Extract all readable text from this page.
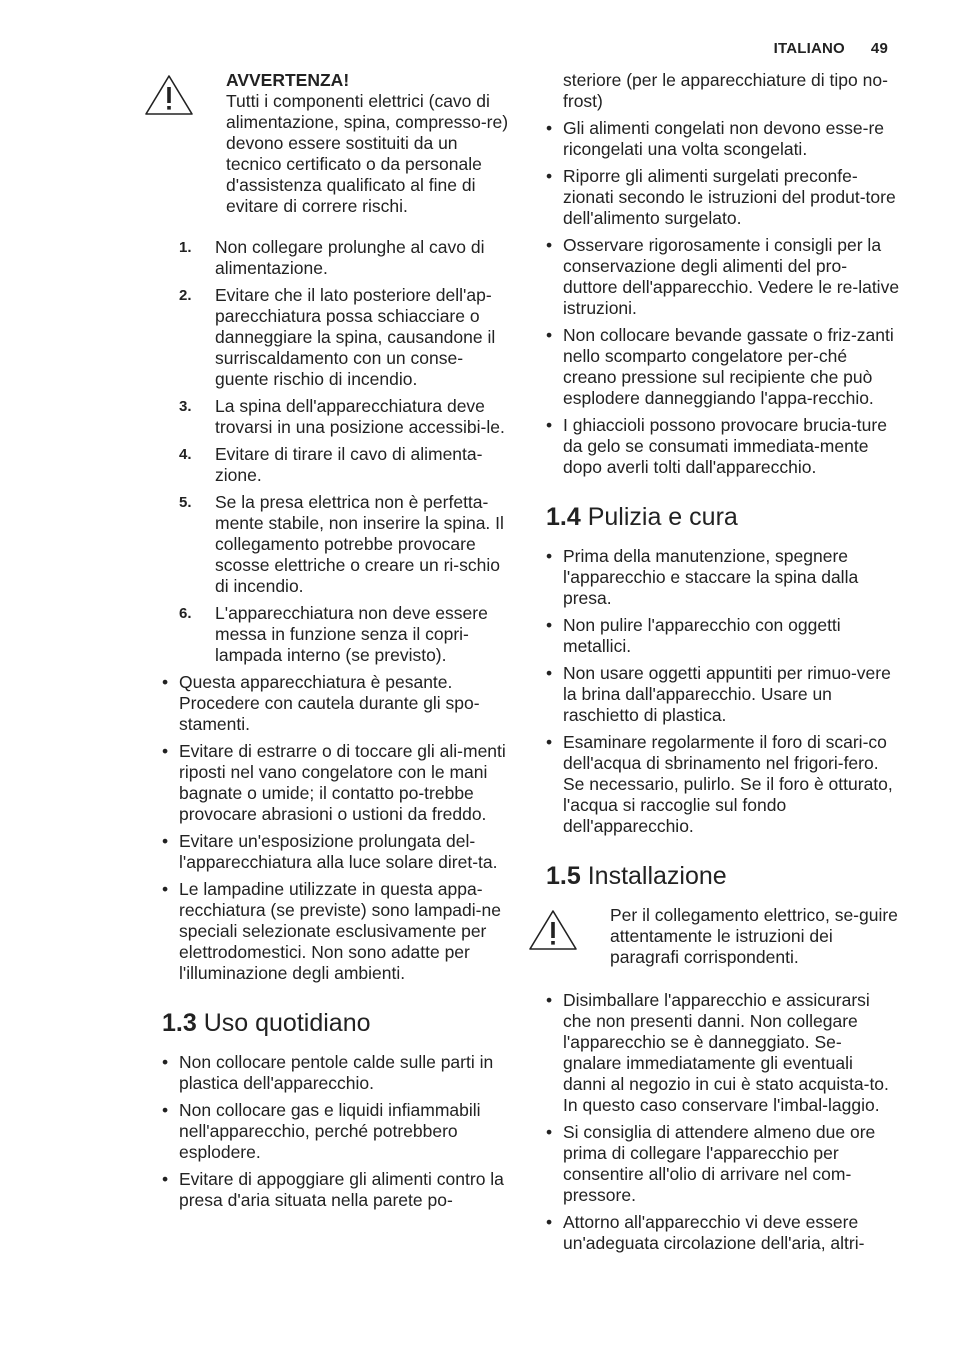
ITALIANO 49

AVVERTENZA!

Tutti i componenti elettrici (cavo di alimentazione, spina, compresso-re) devono essere sostituiti da un tecnico certificato o da personale d'assistenza qualificato al fine di evitare di correre rischi.

1. Non collegare prolunghe al cavo di alimentazione.
2. Evitare che il lato posteriore dell'ap-parecchiatura possa schiacciare o danneggiare la spina, causandone il surriscaldamento con un conse-guente rischio di incendio.
3. La spina dell'apparecchiatura deve trovarsi in una posizione accessibi-le.
4. Evitare di tirare il cavo di alimenta-zione.
5. Se la presa elettrica non è perfetta-mente stabile, non inserire la spina. Il collegamento potrebbe provocare scosse elettriche o creare un ri-schio di incendio.
6. L'apparecchiatura non deve essere messa in funzione senza il copri-lampada interno (se previsto).
• Questa apparecchiatura è pesante. Procedere con cautela durante gli spo-stamenti.
• Evitare di estrarre o di toccare gli ali-menti riposti nel vano congelatore con le mani bagnate o umide; il contatto po-trebbe provocare abrasioni o ustioni da freddo.
• Evitare un'esposizione prolungata del-l'apparecchiatura alla luce solare diret-ta.
• Le lampadine utilizzate in questa appa-recchiatura (se previste) sono lampadi-ne speciali selezionate esclusivamente per elettrodomestici. Non sono adatte per l'illuminazione degli ambienti.
1.3 Uso quotidiano
• Non collocare pentole calde sulle parti in plastica dell'apparecchio.
• Non collocare gas e liquidi infiammabili nell'apparecchio, perché potrebbero esplodere.
• Evitare di appoggiare gli alimenti contro la presa d'aria situata nella parete po-

steriore (per le apparecchiature di tipo no-frost)

• Gli alimenti congelati non devono esse-re ricongelati una volta scongelati.
• Riporre gli alimenti surgelati preconfe-zionati secondo le istruzioni del produt-tore dell'alimento surgelato.
• Osservare rigorosamente i consigli per la conservazione degli alimenti del pro-duttore dell'apparecchio. Vedere le re-lative istruzioni.
• Non collocare bevande gassate o friz-zanti nello scomparto congelatore per-ché creano pressione sul recipiente che può esplodere danneggiando l'appa-recchio.
• I ghiaccioli possono provocare brucia-ture da gelo se consumati immediata-mente dopo averli tolti dall'apparecchio.
1.4 Pulizia e cura
• Prima della manutenzione, spegnere l'apparecchio e staccare la spina dalla presa.
• Non pulire l'apparecchio con oggetti metallici.
• Non usare oggetti appuntiti per rimuo-vere la brina dall'apparecchio. Usare un raschietto di plastica.
• Esaminare regolarmente il foro di scari-co dell'acqua di sbrinamento nel frigori-fero. Se necessario, pulirlo. Se il foro è otturato, l'acqua si raccoglie sul fondo dell'apparecchio.
1.5 Installazione

Per il collegamento elettrico, se-guire attentamente le istruzioni dei paragrafi corrispondenti.

• Disimballare l'apparecchio e assicurarsi che non presenti danni. Non collegare l'apparecchio se è danneggiato. Se-gnalare immediatamente gli eventuali danni al negozio in cui è stato acquista-to. In questo caso conservare l'imbal-laggio.
• Si consiglia di attendere almeno due ore prima di collegare l'apparecchio per consentire all'olio di arrivare nel com-pressore.
• Attorno all'apparecchio vi deve essere un'adeguata circolazione dell'aria, altri-
